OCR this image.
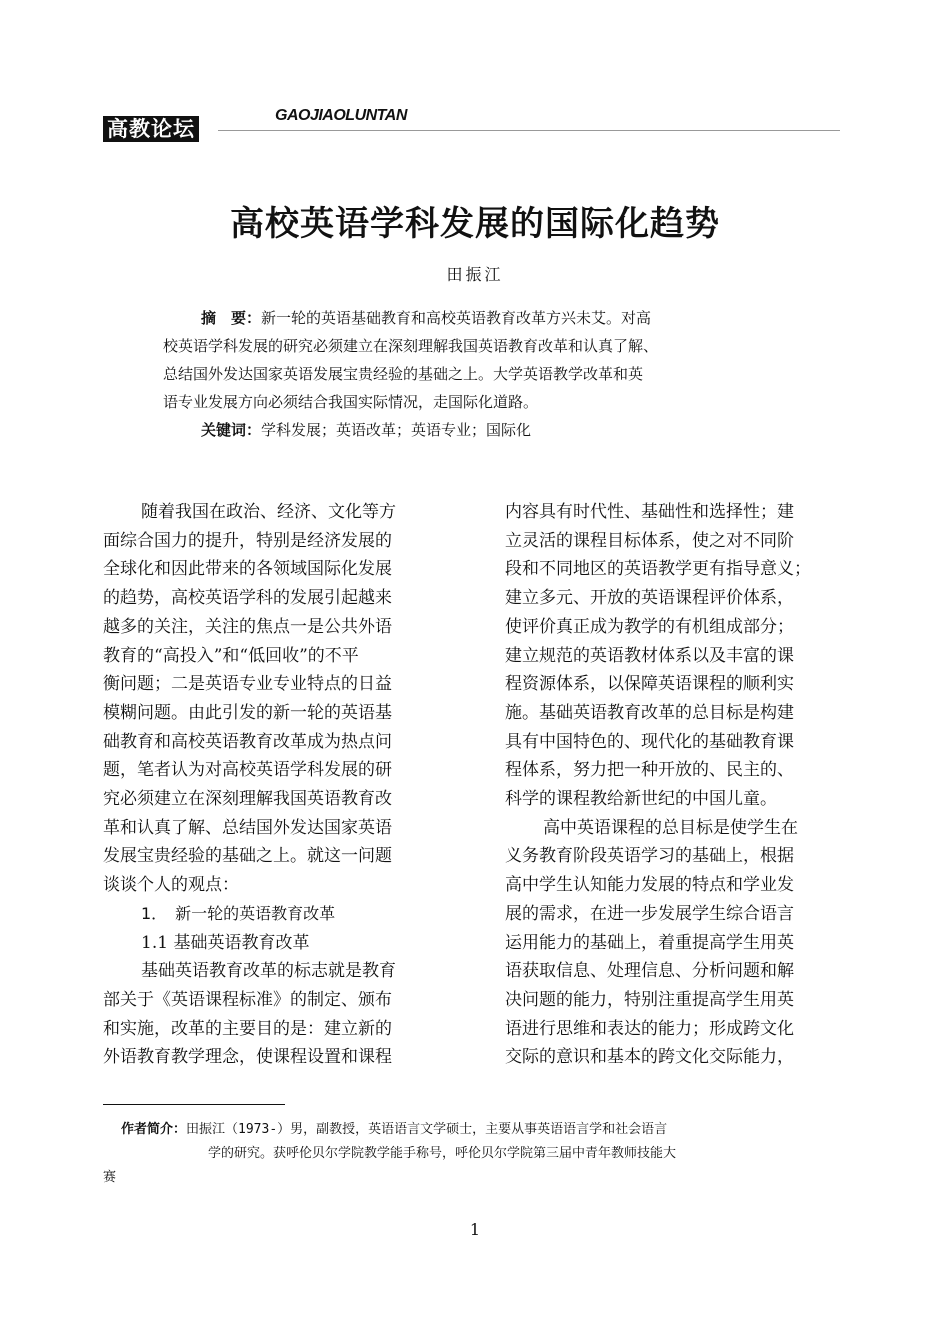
高教论坛
GAOJIAOLUNTAN
高校英语学科发展的国际化趋势
田振江
摘　要：新一轮的英语基础教育和高校英语教育改革方兴未艾。对高
校英语学科发展的研究必须建立在深刻理解我国英语教育改革和认真了解、
总结国外发达国家英语发展宝贵经验的基础之上。大学英语教学改革和英
语专业发展方向必须结合我国实际情况，走国际化道路。
关键词：学科发展；英语改革；英语专业；国际化
随着我国在政治、经济、文化等方
面综合国力的提升，特别是经济发展的
全球化和因此带来的各领域国际化发展
的趋势，高校英语学科的发展引起越来
越多的关注，关注的焦点一是公共外语
教育的“高投入”和“低回收”的不平
衡问题；二是英语专业专业特点的日益
模糊问题。由此引发的新一轮的英语基
础教育和高校英语教育改革成为热点问
题，笔者认为对高校英语学科发展的研
究必须建立在深刻理解我国英语教育改
革和认真了解、总结国外发达国家英语
发展宝贵经验的基础之上。就这一问题
谈谈个人的观点：
1．　新一轮的英语教育改革
1.1 基础英语教育改革
基础英语教育改革的标志就是教育
部关于《英语课程标准》的制定、颁布
和实施，改革的主要目的是：建立新的
外语教育教学理念，使课程设置和课程
内容具有时代性、基础性和选择性；建
立灵活的课程目标体系，使之对不同阶
段和不同地区的英语教学更有指导意义；
建立多元、开放的英语课程评价体系，
使评价真正成为教学的有机组成部分；
建立规范的英语教材体系以及丰富的课
程资源体系，以保障英语课程的顺利实
施。基础英语教育改革的总目标是构建
具有中国特色的、现代化的基础教育课
程体系，努力把一种开放的、民主的、
科学的课程教给新世纪的中国儿童。
高中英语课程的总目标是使学生在
义务教育阶段英语学习的基础上，根据
高中学生认知能力发展的特点和学业发
展的需求，在进一步发展学生综合语言
运用能力的基础上，着重提高学生用英
语获取信息、处理信息、分析问题和解
决问题的能力，特别注重提高学生用英
语进行思维和表达的能力；形成跨文化
交际的意识和基本的跨文化交际能力，
作者简介：田振江（1973-）男，副教授，英语语言文学硕士，主要从事英语语言学和社会语言
学的研究。获呼伦贝尔学院教学能手称号，呼伦贝尔学院第三届中青年教师技能大
赛
1
